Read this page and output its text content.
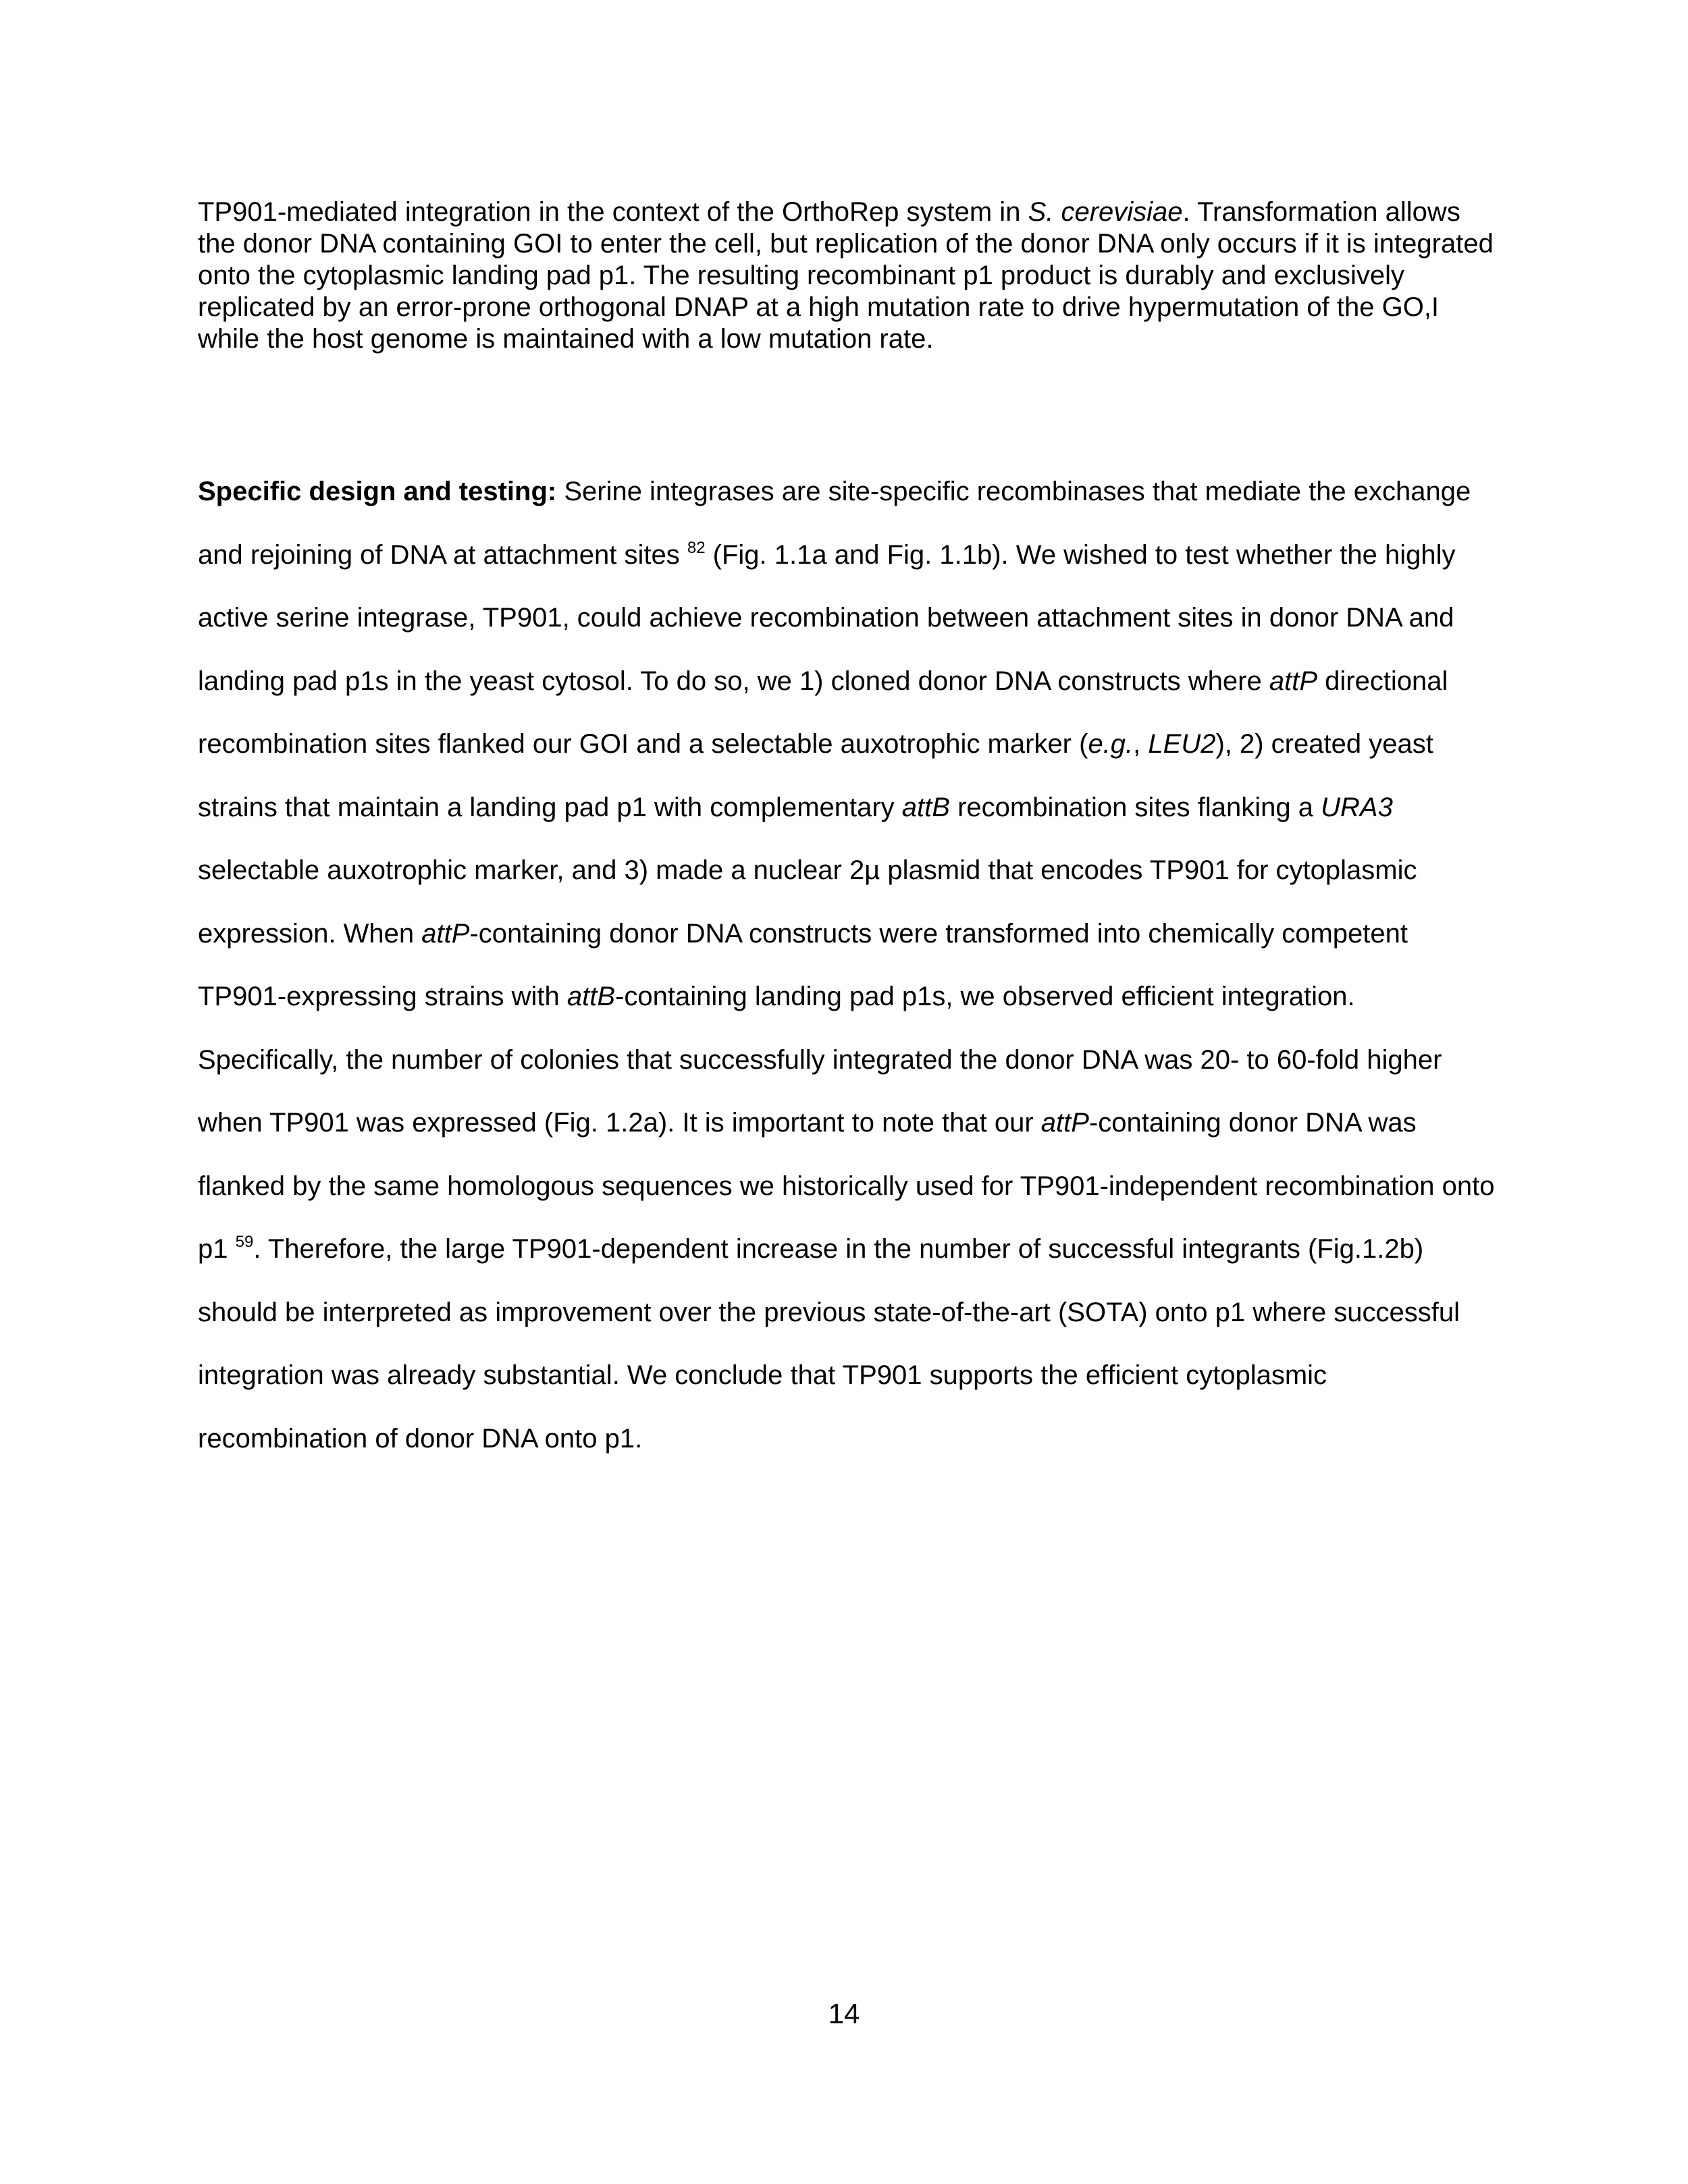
TP901-mediated integration in the context of the OrthoRep system in S. cerevisiae. Transformation allows the donor DNA containing GOI to enter the cell, but replication of the donor DNA only occurs if it is integrated onto the cytoplasmic landing pad p1. The resulting recombinant p1 product is durably and exclusively replicated by an error-prone orthogonal DNAP at a high mutation rate to drive hypermutation of the GO,I while the host genome is maintained with a low mutation rate.

Specific design and testing: Serine integrases are site-specific recombinases that mediate the exchange and rejoining of DNA at attachment sites $^{82}$ (Fig. 1.1a and Fig. 1.1b). We wished to test whether the highly active serine integrase, TP901, could achieve recombination between attachment sites in donor DNA and landing pad p1s in the yeast cytosol. To do so, we 1) cloned donor DNA constructs where attP directional recombination sites flanked our GOI and a selectable auxotrophic marker (e.g., LEU2), 2) created yeast strains that maintain a landing pad p1 with complementary attB recombination sites flanking a URA3 selectable auxotrophic marker, and 3) made a nuclear 2µ plasmid that encodes TP901 for cytoplasmic expression. When attP-containing donor DNA constructs were transformed into chemically competent TP901-expressing strains with attB-containing landing pad p1s, we observed efficient integration. Specifically, the number of colonies that successfully integrated the donor DNA was 20- to 60-fold higher when TP901 was expressed (Fig. 1.2a). It is important to note that our attP-containing donor DNA was flanked by the same homologous sequences we historically used for TP901-independent recombination onto p1 $^{59}$. Therefore, the large TP901-dependent increase in the number of successful integrants (Fig.1.2b) should be interpreted as improvement over the previous state-of-the-art (SOTA) onto p1 where successful integration was already substantial. We conclude that TP901 supports the efficient cytoplasmic recombination of donor DNA onto p1.

14
